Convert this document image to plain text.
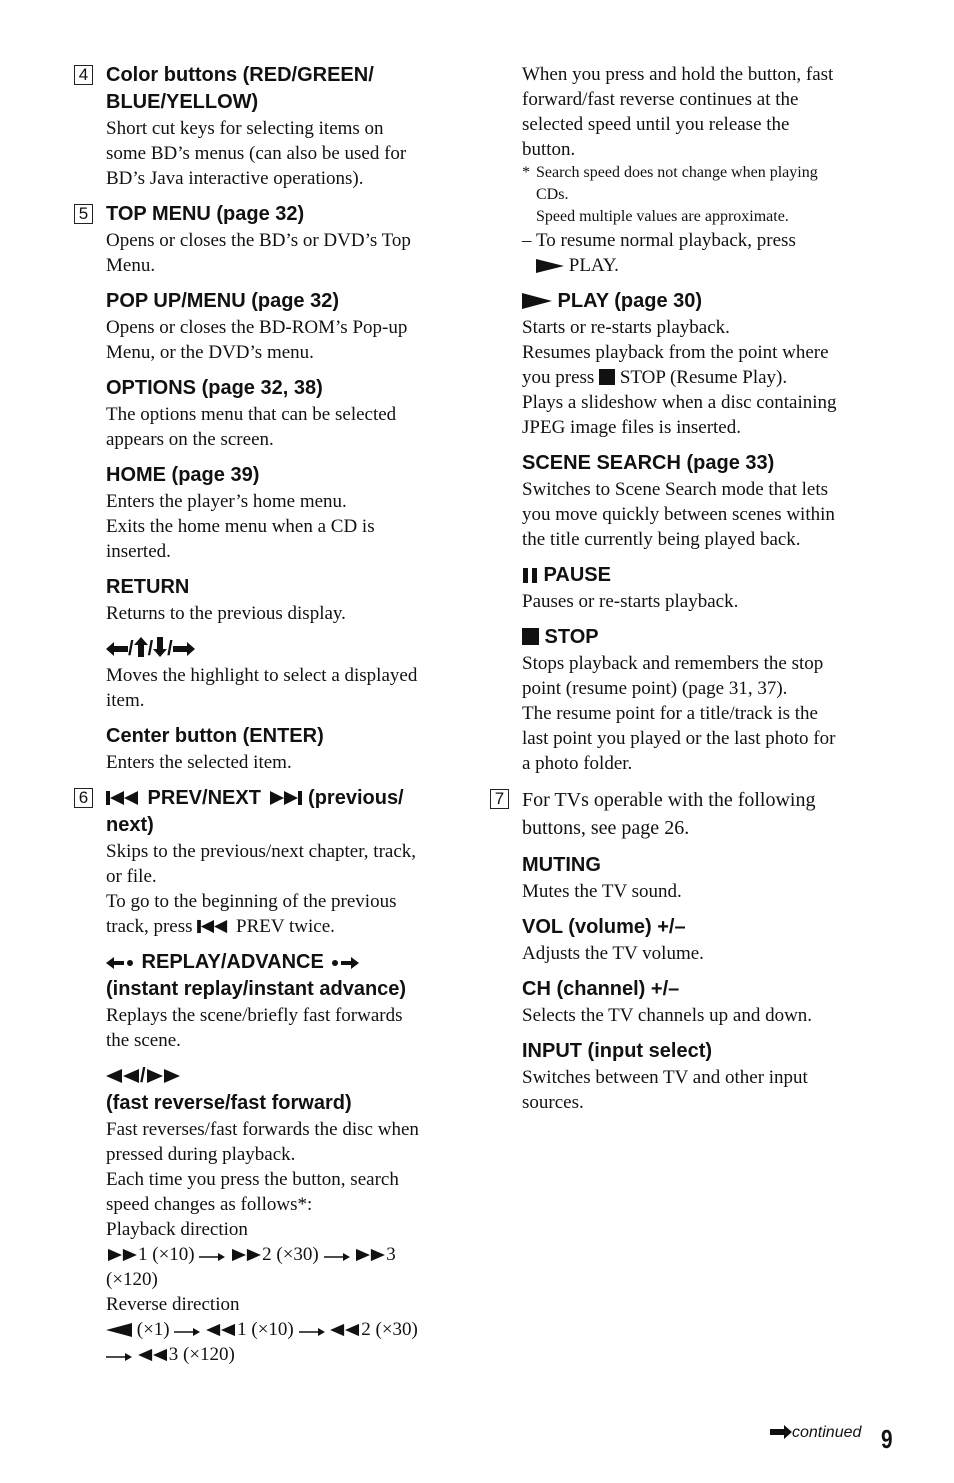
4 Color buttons (RED/GREEN/

BLUE/YELLOW)

Short cut keys for selecting items on

some BD’s menus (can also be used for

BD’s Java interactive operations).

5 TOP MENU (page 32)

Opens or closes the BD’s or DVD’s Top

Menu.

POP UP/MENU (page 32)

Opens or closes the BD-ROM’s Pop-up

Menu, or the DVD’s menu.

OPTIONS (page 32, 38)

The options menu that can be selected

appears on the screen.

HOME (page 39)

Enters the player’s home menu.

Exits the home menu when a CD is

inserted.

RETURN

Returns to the previous display.

/ / /

Moves the highlight to select a displayed

item.

Center button (ENTER)

Enters the selected item.

6	PREV/NEXT  (previous/

next)

Skips to the previous/next chapter, track,

or file.

To go to the beginning of the previous

track, press  PREV twice.

REPLAY/ADVANCE

(instant replay/instant advance)

Replays the scene/briefly fast forwards

the scene.

/

(fast reverse/fast forward)

Fast reverses/fast forwards the disc when

pressed during playback.

Each time you press the button, search

speed changes as follows*:

Playback direction

1 (×10)	2 (×30)	3

(×120)

Reverse direction

(×1)	1 (×10)	2 (×30)

3 (×120)

When you press and hold the button, fast

forward/fast reverse continues at the

selected speed until you release the

button.

* Search speed does not change when playing

CDs.

Speed multiple values are approximate.

– To resume normal playback, press

PLAY.

PLAY (page 30)

Starts or re-starts playback.

Resumes playback from the point where

you press  STOP (Resume Play).

Plays a slideshow when a disc containing

JPEG image files is inserted.

SCENE SEARCH (page 33)

Switches to Scene Search mode that lets

you move quickly between scenes within

the title currently being played back.

PAUSE

Pauses or re-starts playback.

STOP

Stops playback and remembers the stop

point (resume point) (page 31, 37).

The resume point for a title/track is the

last point you played or the last photo for

a photo folder.

7 For TVs operable with the following

buttons, see page 26.

MUTING

Mutes the TV sound.

VOL (volume) +/–

Adjusts the TV volume.

CH (channel) +/–

Selects the TV channels up and down.

INPUT (input select)

Switches between TV and other input

sources.

continued 9
